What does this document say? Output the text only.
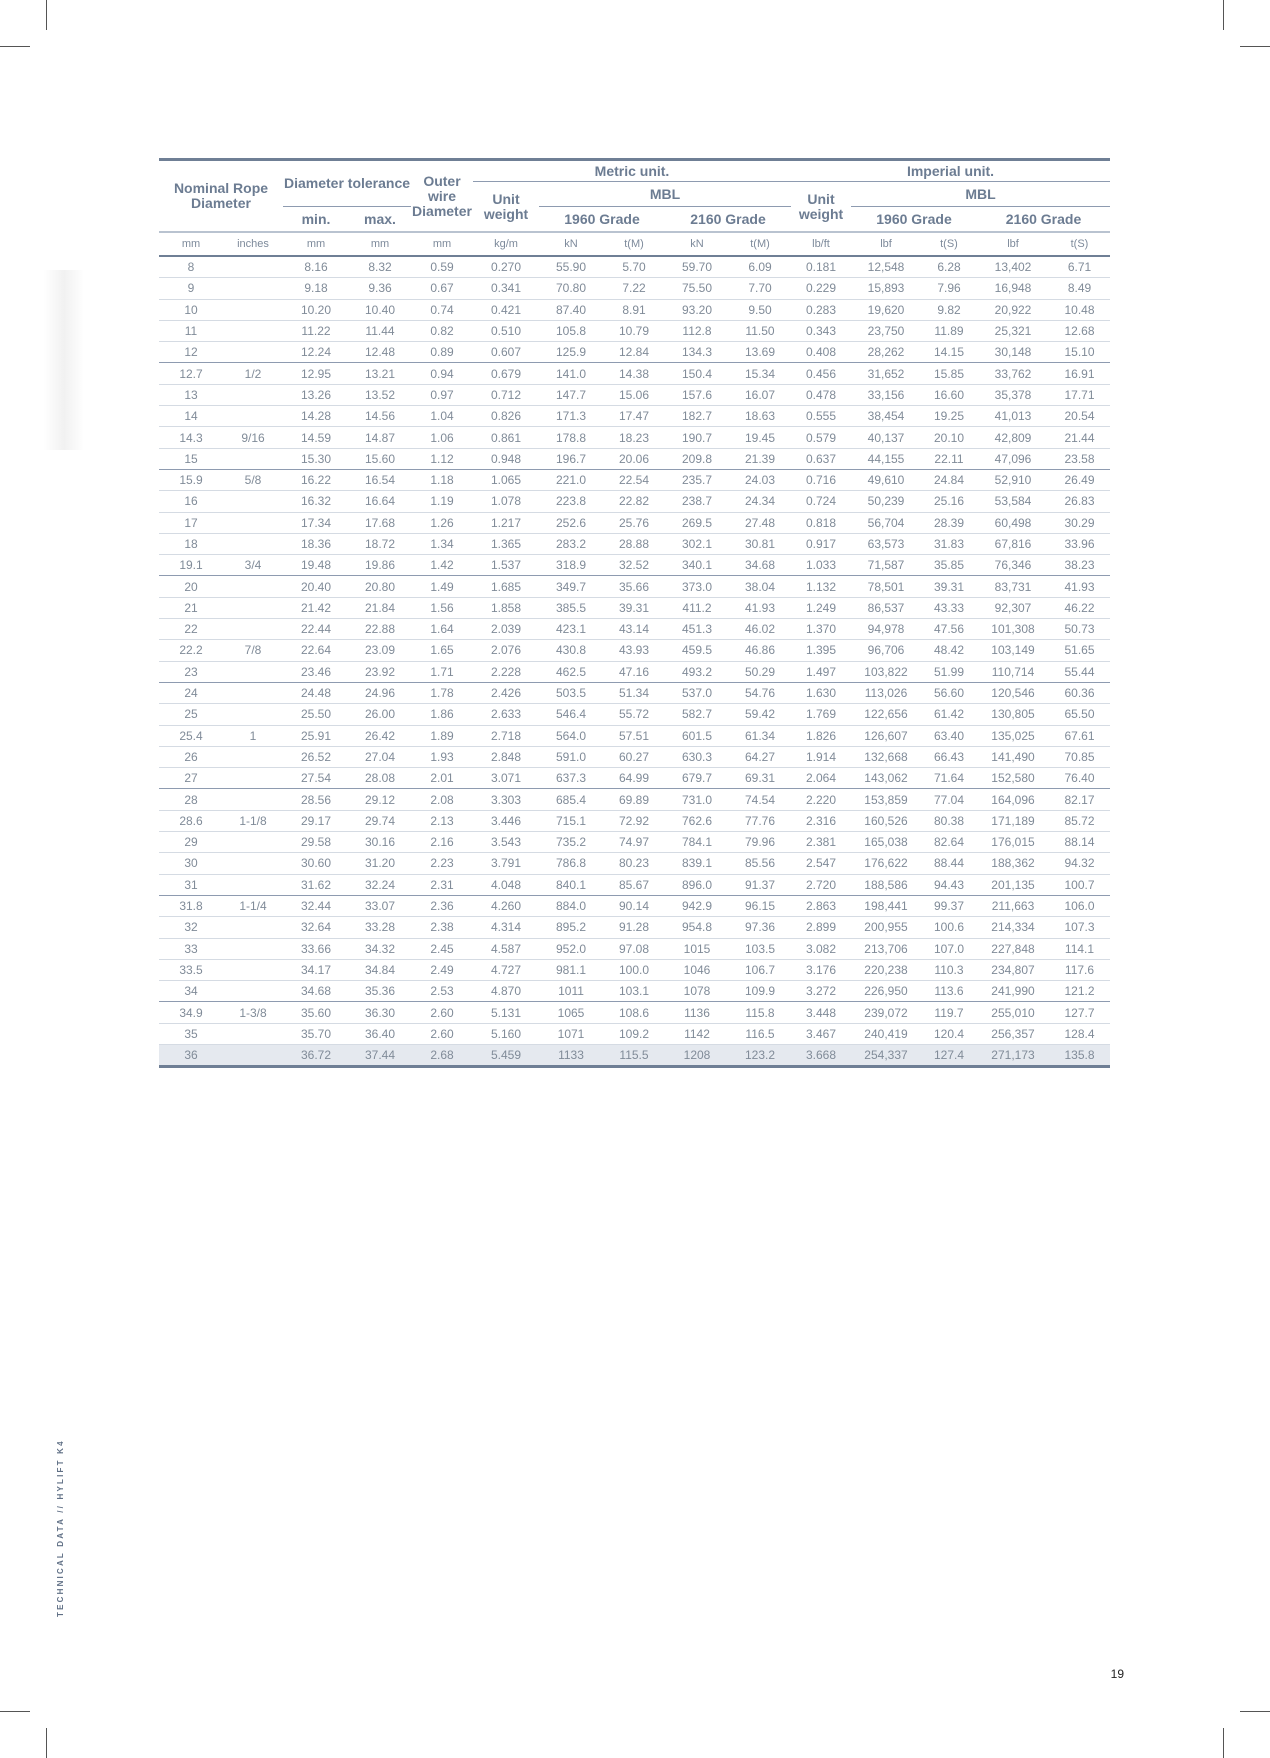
Nominal Rope Diameter		Diameter tolerance		Outer wire Diameter	Metric unit.					Imperial unit.				
					Unit weight	MBL				Unit weight	MBL			
		min.	max.			1960 Grade		2160 Grade			1960 Grade		2160 Grade	
mm	inches	mm	mm	mm	kg/m	kN	t(M)	kN	t(M)	lb/ft	lbf	t(S)	lbf	t(S)
8		8.16	8.32	0.59	0.270	55.90	5.70	59.70	6.09	0.181	12,548	6.28	13,402	6.71
9		9.18	9.36	0.67	0.341	70.80	7.22	75.50	7.70	0.229	15,893	7.96	16,948	8.49
10		10.20	10.40	0.74	0.421	87.40	8.91	93.20	9.50	0.283	19,620	9.82	20,922	10.48
11		11.22	11.44	0.82	0.510	105.8	10.79	112.8	11.50	0.343	23,750	11.89	25,321	12.68
12		12.24	12.48	0.89	0.607	125.9	12.84	134.3	13.69	0.408	28,262	14.15	30,148	15.10
12.7	1/2	12.95	13.21	0.94	0.679	141.0	14.38	150.4	15.34	0.456	31,652	15.85	33,762	16.91
13		13.26	13.52	0.97	0.712	147.7	15.06	157.6	16.07	0.478	33,156	16.60	35,378	17.71
14		14.28	14.56	1.04	0.826	171.3	17.47	182.7	18.63	0.555	38,454	19.25	41,013	20.54
14.3	9/16	14.59	14.87	1.06	0.861	178.8	18.23	190.7	19.45	0.579	40,137	20.10	42,809	21.44
15		15.30	15.60	1.12	0.948	196.7	20.06	209.8	21.39	0.637	44,155	22.11	47,096	23.58
15.9	5/8	16.22	16.54	1.18	1.065	221.0	22.54	235.7	24.03	0.716	49,610	24.84	52,910	26.49
16		16.32	16.64	1.19	1.078	223.8	22.82	238.7	24.34	0.724	50,239	25.16	53,584	26.83
17		17.34	17.68	1.26	1.217	252.6	25.76	269.5	27.48	0.818	56,704	28.39	60,498	30.29
18		18.36	18.72	1.34	1.365	283.2	28.88	302.1	30.81	0.917	63,573	31.83	67,816	33.96
19.1	3/4	19.48	19.86	1.42	1.537	318.9	32.52	340.1	34.68	1.033	71,587	35.85	76,346	38.23
20		20.40	20.80	1.49	1.685	349.7	35.66	373.0	38.04	1.132	78,501	39.31	83,731	41.93
21		21.42	21.84	1.56	1.858	385.5	39.31	411.2	41.93	1.249	86,537	43.33	92,307	46.22
22		22.44	22.88	1.64	2.039	423.1	43.14	451.3	46.02	1.370	94,978	47.56	101,308	50.73
22.2	7/8	22.64	23.09	1.65	2.076	430.8	43.93	459.5	46.86	1.395	96,706	48.42	103,149	51.65
23		23.46	23.92	1.71	2.228	462.5	47.16	493.2	50.29	1.497	103,822	51.99	110,714	55.44
24		24.48	24.96	1.78	2.426	503.5	51.34	537.0	54.76	1.630	113,026	56.60	120,546	60.36
25		25.50	26.00	1.86	2.633	546.4	55.72	582.7	59.42	1.769	122,656	61.42	130,805	65.50
25.4	1	25.91	26.42	1.89	2.718	564.0	57.51	601.5	61.34	1.826	126,607	63.40	135,025	67.61
26		26.52	27.04	1.93	2.848	591.0	60.27	630.3	64.27	1.914	132,668	66.43	141,490	70.85
27		27.54	28.08	2.01	3.071	637.3	64.99	679.7	69.31	2.064	143,062	71.64	152,580	76.40
28		28.56	29.12	2.08	3.303	685.4	69.89	731.0	74.54	2.220	153,859	77.04	164,096	82.17
28.6	1-1/8	29.17	29.74	2.13	3.446	715.1	72.92	762.6	77.76	2.316	160,526	80.38	171,189	85.72
29		29.58	30.16	2.16	3.543	735.2	74.97	784.1	79.96	2.381	165,038	82.64	176,015	88.14
30		30.60	31.20	2.23	3.791	786.8	80.23	839.1	85.56	2.547	176,622	88.44	188,362	94.32
31		31.62	32.24	2.31	4.048	840.1	85.67	896.0	91.37	2.720	188,586	94.43	201,135	100.7
31.8	1-1/4	32.44	33.07	2.36	4.260	884.0	90.14	942.9	96.15	2.863	198,441	99.37	211,663	106.0
32		32.64	33.28	2.38	4.314	895.2	91.28	954.8	97.36	2.899	200,955	100.6	214,334	107.3
33		33.66	34.32	2.45	4.587	952.0	97.08	1015	103.5	3.082	213,706	107.0	227,848	114.1
33.5		34.17	34.84	2.49	4.727	981.1	100.0	1046	106.7	3.176	220,238	110.3	234,807	117.6
34		34.68	35.36	2.53	4.870	1011	103.1	1078	109.9	3.272	226,950	113.6	241,990	121.2
34.9	1-3/8	35.60	36.30	2.60	5.131	1065	108.6	1136	115.8	3.448	239,072	119.7	255,010	127.7
35		35.70	36.40	2.60	5.160	1071	109.2	1142	116.5	3.467	240,419	120.4	256,357	128.4
36		36.72	37.44	2.68	5.459	1133	115.5	1208	123.2	3.668	254,337	127.4	271,173	135.8
TECHNICAL DATA // HYLIFT K4
19
